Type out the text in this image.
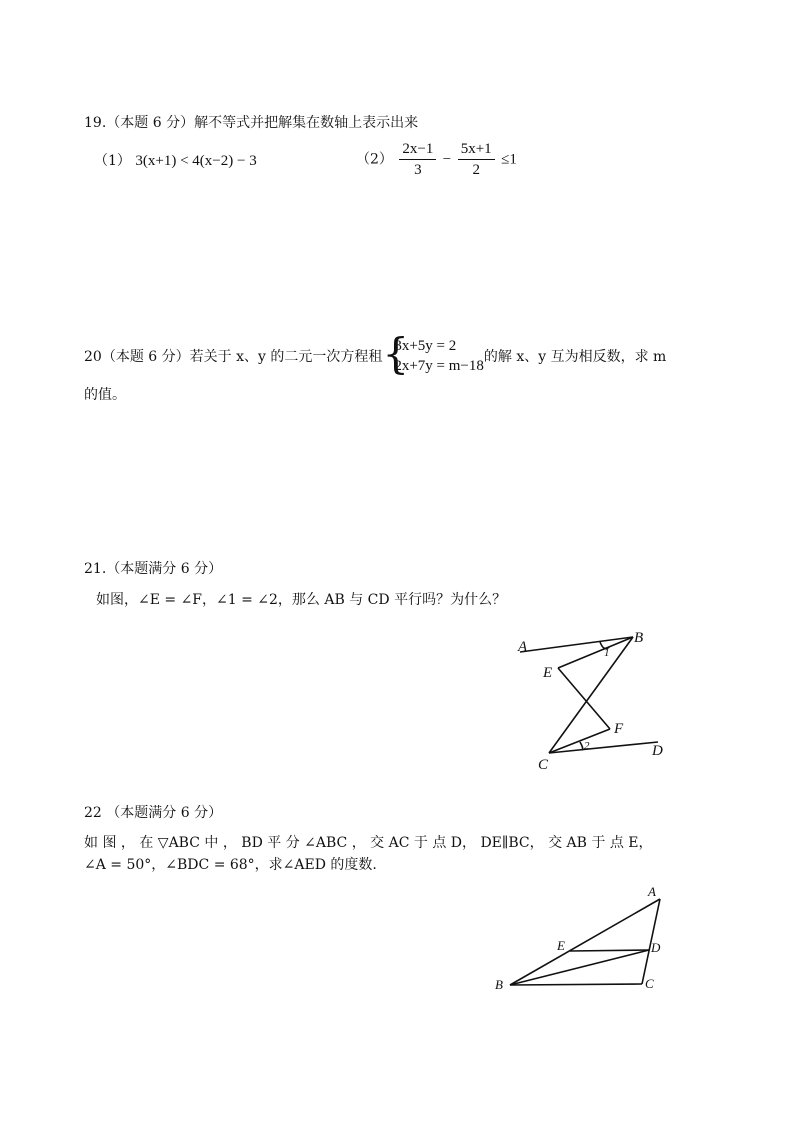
19.（本题 6 分）解不等式并把解集在数轴上表示出来
（1） 3(x+1) < 4(x−2) − 3	$(2) \frac{2x-1}{3} - \frac{5x+1}{2} \le 1$
20（本题 6 分）若关于 x、y 的二元一次方程租 {
3x+5y = 2
2x+7y = m−18
的解 x、y 互为相反数，求 m
的值。
21.（本题满分 6 分）
如图，∠E = ∠F，∠1 = ∠2，那么 AB 与 CD 平行吗？为什么？
A
B
E
F
C
D
1
2
22 （本题满分 6 分）
如 图 ， 在 ▽ABC 中 ， BD 平 分 ∠ABC ， 交 AC 于 点 D， DE∥BC， 交 AB 于 点 E，
∠A = 50°，∠BDC = 68°，求∠AED 的度数.
A
B	C
D
E
